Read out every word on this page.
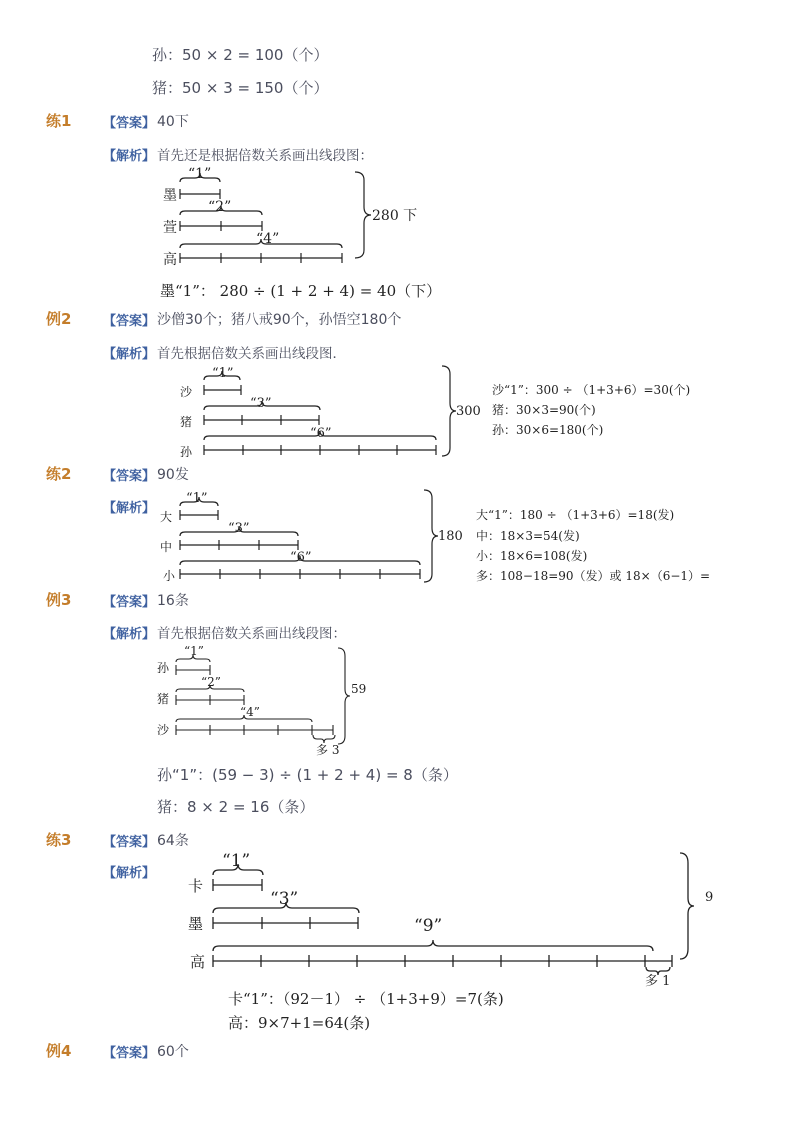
孙：50 × 2 = 100（个）
猪：50 × 3 = 150（个）
练1 【答案】 40下
【解析】 首先还是根据倍数关系画出线段图：
墨
萱
高
“1”
“2”
“4”
280 下
墨“1”： 280 ÷ (1 + 2 + 4) = 40（下）
例2 【答案】 沙僧30个；猪八戒90个，孙悟空180个
【解析】 首先根据倍数关系画出线段图．
沙
猪
孙
“1”
“3”
“6”
300
沙“1”：300 ÷ （1+3+6）=30(个)
猪：30×3=90(个)
孙：30×6=180(个)
练2 【答案】 90发
【解析】
大
中
小
“1”
“3”
“6”
180
大“1”：180 ÷ （1+3+6）=18(发)
中：18×3=54(发)
小：18×6=108(发)
多：108−18=90（发）或 18×（6−1）=
例3 【答案】 16条
【解析】 首先根据倍数关系画出线段图：
孙
猪
沙
“1”
“2”
“4”
59
多 3
孙“1”：(59 − 3) ÷ (1 + 2 + 4) = 8（条）
猪：8 × 2 = 16（条）
练3 【答案】 64条
【解析】
卡
墨
高
“1”
“3”
“9”
9
多 1
卡“1”：（92－1） ÷ （1+3+9）=7(条)
高：9×7+1=64(条)
例4 【答案】 60个
